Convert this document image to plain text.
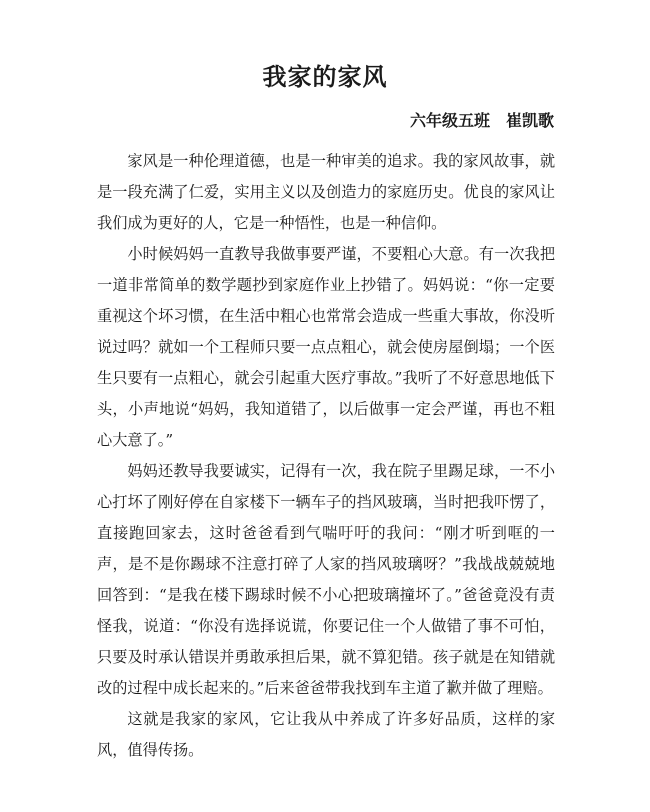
我家的家风
六年级五班　崔凯歌

家风是一种伦理道德，也是一种审美的追求。我的家风故事，就是一段充满了仁爱，实用主义以及创造力的家庭历史。优良的家风让我们成为更好的人，它是一种悟性，也是一种信仰。

小时候妈妈一直教导我做事要严谨，不要粗心大意。有一次我把一道非常简单的数学题抄到家庭作业上抄错了。妈妈说：“你一定要重视这个坏习惯，在生活中粗心也常常会造成一些重大事故，你没听说过吗？就如一个工程师只要一点点粗心，就会使房屋倒塌；一个医生只要有一点粗心，就会引起重大医疗事故。”我听了不好意思地低下头，小声地说“妈妈，我知道错了，以后做事一定会严谨，再也不粗心大意了。”

妈妈还教导我要诚实，记得有一次，我在院子里踢足球，一不小心打坏了刚好停在自家楼下一辆车子的挡风玻璃，当时把我吓愣了，直接跑回家去，这时爸爸看到气喘吁吁的我问：“刚才听到哐的一声，是不是你踢球不注意打碎了人家的挡风玻璃呀？”我战战兢兢地回答到：“是我在楼下踢球时候不小心把玻璃撞坏了。”爸爸竟没有责怪我，说道：“你没有选择说谎，你要记住一个人做错了事不可怕，只要及时承认错误并勇敢承担后果，就不算犯错。孩子就是在知错就改的过程中成长起来的。”后来爸爸带我找到车主道了歉并做了理赔。

这就是我家的家风，它让我从中养成了许多好品质，这样的家风，值得传扬。
